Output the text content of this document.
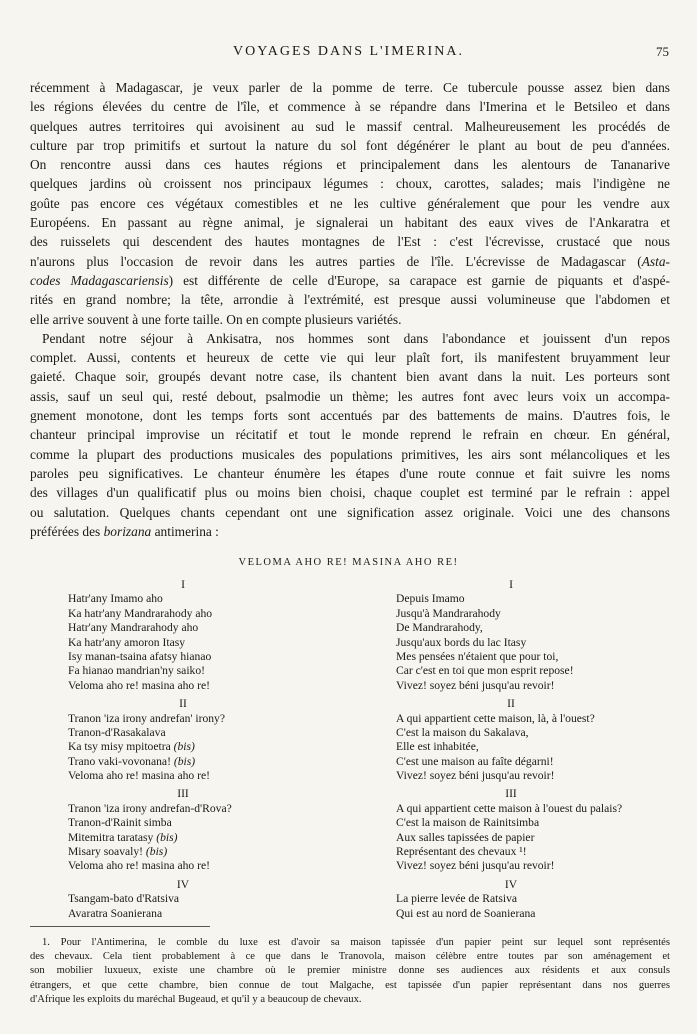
VOYAGES DANS L'IMERINA.	75
récemment à Madagascar, je veux parler de la pomme de terre. Ce tubercule pousse assez bien dans
les régions élevées du centre de l'île, et commence à se répandre dans l'Imerina et le Betsileo et dans
quelques autres territoires qui avoisinent au sud le massif central. Malheureusement les procédés de
culture par trop primitifs et surtout la nature du sol font dégénérer le plant au bout de peu d'années.
On rencontre aussi dans ces hautes régions et principalement dans les alentours de Tananarive
quelques jardins où croissent nos principaux légumes : choux, carottes, salades; mais l'indigène ne
goûte pas encore ces végétaux comestibles et ne les cultive généralement que pour les vendre aux
Européens. En passant au règne animal, je signalerai un habitant des eaux vives de l'Ankaratra et
des ruisselets qui descendent des hautes montagnes de l'Est : c'est l'écrevisse, crustacé que nous
n'aurons plus l'occasion de revoir dans les autres parties de l'île. L'écrevisse de Madagascar (Asta-
codes Madagascariensis) est différente de celle d'Europe, sa carapace est garnie de piquants et d'aspé-
rités en grand nombre; la tête, arrondie à l'extrémité, est presque aussi volumineuse que l'abdomen et
elle arrive souvent à une forte taille. On en compte plusieurs variétés.
Pendant notre séjour à Ankisatra, nos hommes sont dans l'abondance et jouissent d'un repos
complet. Aussi, contents et heureux de cette vie qui leur plaît fort, ils manifestent bruyamment leur
gaieté. Chaque soir, groupés devant notre case, ils chantent bien avant dans la nuit. Les porteurs sont
assis, sauf un seul qui, resté debout, psalmodie un thème; les autres font avec leurs voix un accompa-
gnement monotone, dont les temps forts sont accentués par des battements de mains. D'autres fois, le
chanteur principal improvise un récitatif et tout le monde reprend le refrain en chœur. En général,
comme la plupart des productions musicales des populations primitives, les airs sont mélancoliques et les
paroles peu significatives. Le chanteur énumère les étapes d'une route connue et fait suivre les noms
des villages d'un qualificatif plus ou moins bien choisi, chaque couplet est terminé par le refrain : appel
ou salutation. Quelques chants cependant ont une signification assez originale. Voici une des chansons
préférées des borizana antimerina :
VELOMA AHO RE! MASINA AHO RE!
I
Hatr'any Imamo aho
Ka hatr'any Mandrarahody aho
Hatr'any Mandrarahody aho
Ka hatr'any amoron Itasy
Isy manan-tsaina afatsy hianao
Fa hianao mandrian'ny saiko!
Veloma aho re! masina aho re!
II
Tranon 'iza irony andrefan' irony?
Tranon-d'Rasakalava
Ka tsy misy mpitoetra (bis)
Trano vaki-vovonana! (bis)
Veloma aho re! masina aho re!
III
Tranon 'iza irony andrefan-d'Rova?
Tranon-d'Rainit simba
Mitemitra taratasy (bis)
Misary soavaly! (bis)
Veloma aho re! masina aho re!
IV
Tsangam-bato d'Ratsiva
Avaratra Soanierana
I
Depuis Imamo
Jusqu'à Mandrarahody
De Mandrarahody,
Jusqu'aux bords du lac Itasy
Mes pensées n'étaient que pour toi,
Car c'est en toi que mon esprit repose!
Vivez! soyez béni jusqu'au revoir!
II
A qui appartient cette maison, là, à l'ouest?
C'est la maison du Sakalava,
Elle est inhabitée,
C'est une maison au faîte dégarni!
Vivez! soyez béni jusqu'au revoir!
III
A qui appartient cette maison à l'ouest du palais?
C'est la maison de Rainitsimba
Aux salles tapissées de papier
Représentant des chevaux ¹!
Vivez! soyez béni jusqu'au revoir!
IV
La pierre levée de Ratsiva
Qui est au nord de Soanierana
1. Pour l'Antimerina, le comble du luxe est d'avoir sa maison tapissée d'un papier peint sur lequel sont représentés
des chevaux. Cela tient probablement à ce que dans le Tranovola, maison célèbre entre toutes par son aménagement et
son mobilier luxueux, existe une chambre où le premier ministre donne ses audiences aux résidents et aux consuls
étrangers, et que cette chambre, bien connue de tout Malgache, est tapissée d'un papier représentant dans nos guerres
d'Afrique les exploits du maréchal Bugeaud, et qu'il y a beaucoup de chevaux.
